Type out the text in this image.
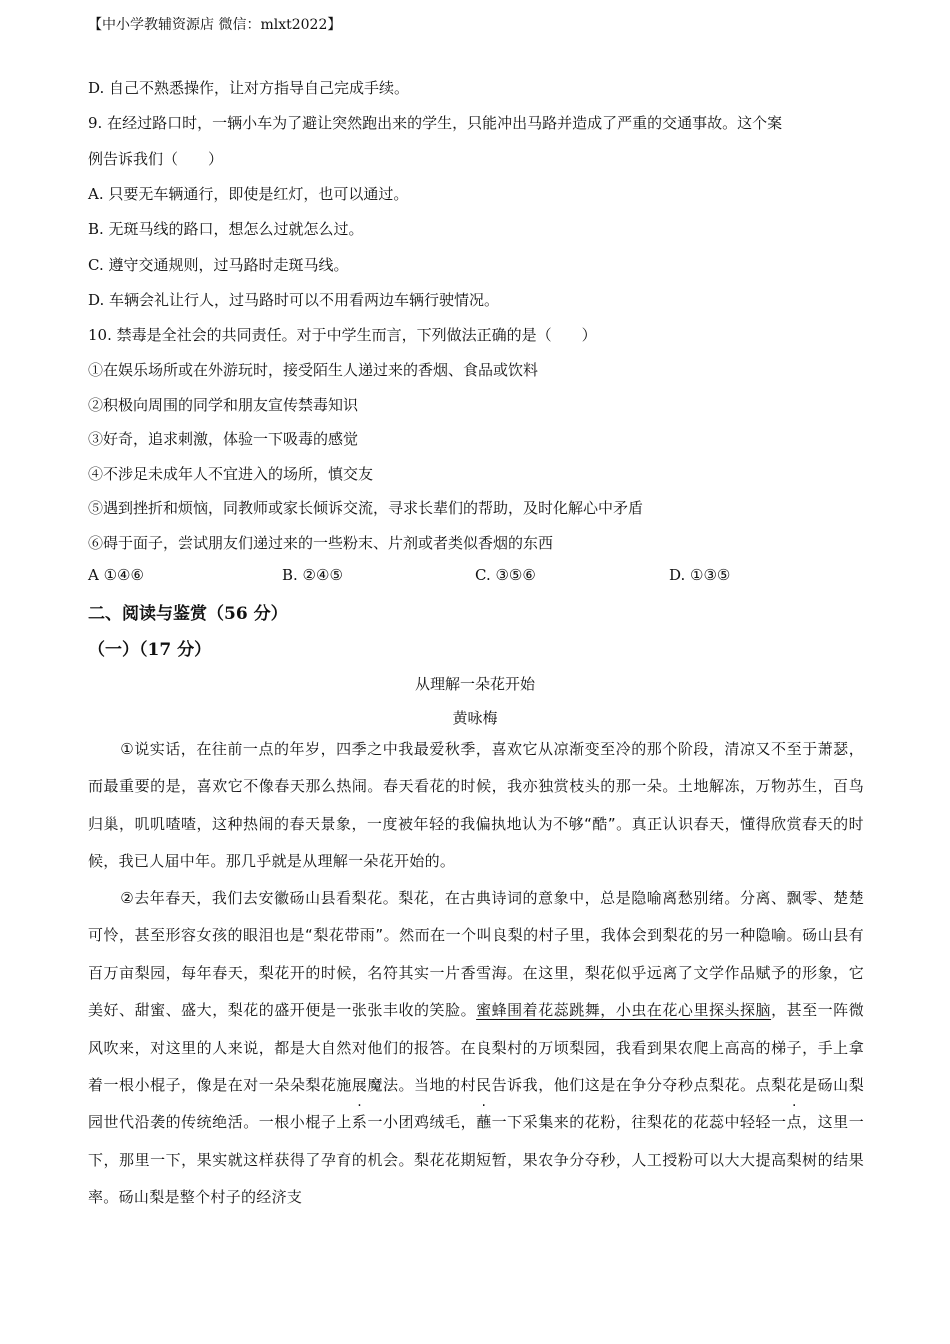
【中小学教辅资源店 微信：mlxt2022】
D. 自己不熟悉操作，让对方指导自己完成手续。
9. 在经过路口时，一辆小车为了避让突然跑出来的学生，只能冲出马路并造成了严重的交通事故。这个案
例告诉我们（　　）
A. 只要无车辆通行，即使是红灯，也可以通过。
B. 无斑马线的路口，想怎么过就怎么过。
C. 遵守交通规则，过马路时走斑马线。
D. 车辆会礼让行人，过马路时可以不用看两边车辆行驶情况。
10. 禁毒是全社会的共同责任。对于中学生而言，下列做法正确的是（　　）
①在娱乐场所或在外游玩时，接受陌生人递过来的香烟、食品或饮料
②积极向周围的同学和朋友宣传禁毒知识
③好奇，追求刺激，体验一下吸毒的感觉
④不涉足未成年人不宜进入的场所，慎交友
⑤遇到挫折和烦恼，同教师或家长倾诉交流，寻求长辈们的帮助，及时化解心中矛盾
⑥碍于面子，尝试朋友们递过来的一些粉末、片剂或者类似香烟的东西
A ①④⑥	B. ②④⑤	C. ③⑤⑥	D. ①③⑤
二、阅读与鉴赏（56 分）
（一）（17 分）
从理解一朵花开始
黄咏梅
①说实话，在往前一点的年岁，四季之中我最爱秋季，喜欢它从凉渐变至冷的那个阶段，清凉又不至于萧瑟，而最重要的是，喜欢它不像春天那么热闹。春天看花的时候，我亦独赏枝头的那一朵。土地解冻，万物苏生，百鸟归巢，叽叽喳喳，这种热闹的春天景象，一度被年轻的我偏执地认为不够“酷”。真正认识春天，懂得欣赏春天的时候，我已人届中年。那几乎就是从理解一朵花开始的。
②去年春天，我们去安徽砀山县看梨花。梨花，在古典诗词的意象中，总是隐喻离愁别绪。分离、飘零、楚楚可怜，甚至形容女孩的眼泪也是“梨花带雨”。然而在一个叫良梨的村子里，我体会到梨花的另一种隐喻。砀山县有百万亩梨园，每年春天，梨花开的时候，名符其实一片香雪海。在这里，梨花似乎远离了文学作品赋予的形象，它美好、甜蜜、盛大，梨花的盛开便是一张张丰收的笑脸。蜜蜂围着花蕊跳舞，小虫在花心里探头探脑，甚至一阵微风吹来，对这里的人来说，都是大自然对他们的报答。在良梨村的万顷梨园，我看到果农爬上高高的梯子，手上拿着一根小棍子，像是在对一朵朵梨花施展魔法。当地的村民告诉我，他们这是在争分夺秒点梨花。点梨花是砀山梨园世代沿袭的传统绝活。一根小棍子上系一小团鸡绒毛，蘸一下采集来的花粉，往梨花的花蕊中轻轻一点，这里一下，那里一下，果实就这样获得了孕育的机会。梨花花期短暂，果农争分夺秒，人工授粉可以大大提高梨树的结果率。砀山梨是整个村子的经济支
